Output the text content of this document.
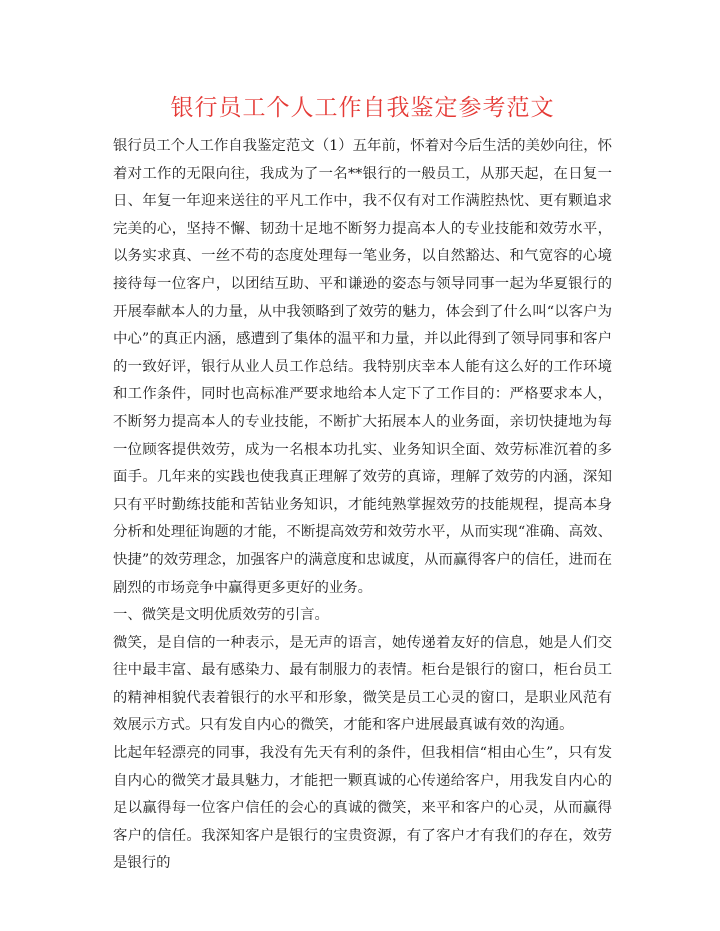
银行员工个人工作自我鉴定参考范文

银行员工个人工作自我鉴定范文（1）五年前，怀着对今后生活的美妙向往，怀着对工作的无限向往，我成为了一名**银行的一般员工，从那天起，在日复一日、年复一年迎来送往的平凡工作中，我不仅有对工作满腔热忱、更有颗追求完美的心，坚持不懈、韧劲十足地不断努力提高本人的专业技能和效劳水平，以务实求真、一丝不苟的态度处理每一笔业务，以自然豁达、和气宽容的心境接待每一位客户，以团结互助、平和谦逊的姿态与领导同事一起为华夏银行的开展奉献本人的力量，从中我领略到了效劳的魅力，体会到了什么叫“以客户为中心”的真正内涵，感遭到了集体的温平和力量，并以此得到了领导同事和客户的一致好评，银行从业人员工作总结。我特别庆幸本人能有这么好的工作环境和工作条件，同时也高标准严要求地给本人定下了工作目的：严格要求本人，不断努力提高本人的专业技能，不断扩大拓展本人的业务面，亲切快捷地为每一位顾客提供效劳，成为一名根本功扎实、业务知识全面、效劳标准沉着的多面手。几年来的实践也使我真正理解了效劳的真谛，理解了效劳的内涵，深知只有平时勤练技能和苦钻业务知识，才能纯熟掌握效劳的技能规程，提高本身分析和处理征询题的才能，不断提高效劳和效劳水平，从而实现“准确、高效、快捷”的效劳理念，加强客户的满意度和忠诚度，从而赢得客户的信任，进而在剧烈的市场竞争中赢得更多更好的业务。

一、微笑是文明优质效劳的引言。

微笑，是自信的一种表示，是无声的语言，她传递着友好的信息，她是人们交往中最丰富、最有感染力、最有制服力的表情。柜台是银行的窗口，柜台员工的精神相貌代表着银行的水平和形象，微笑是员工心灵的窗口，是职业风范有效展示方式。只有发自内心的微笑，才能和客户进展最真诚有效的沟通。

比起年轻漂亮的同事，我没有先天有利的条件，但我相信“相由心生”，只有发自内心的微笑才最具魅力，才能把一颗真诚的心传递给客户，用我发自内心的足以赢得每一位客户信任的会心的真诚的微笑，来平和客户的心灵，从而赢得客户的信任。我深知客户是银行的宝贵资源，有了客户才有我们的存在，效劳是银行的
